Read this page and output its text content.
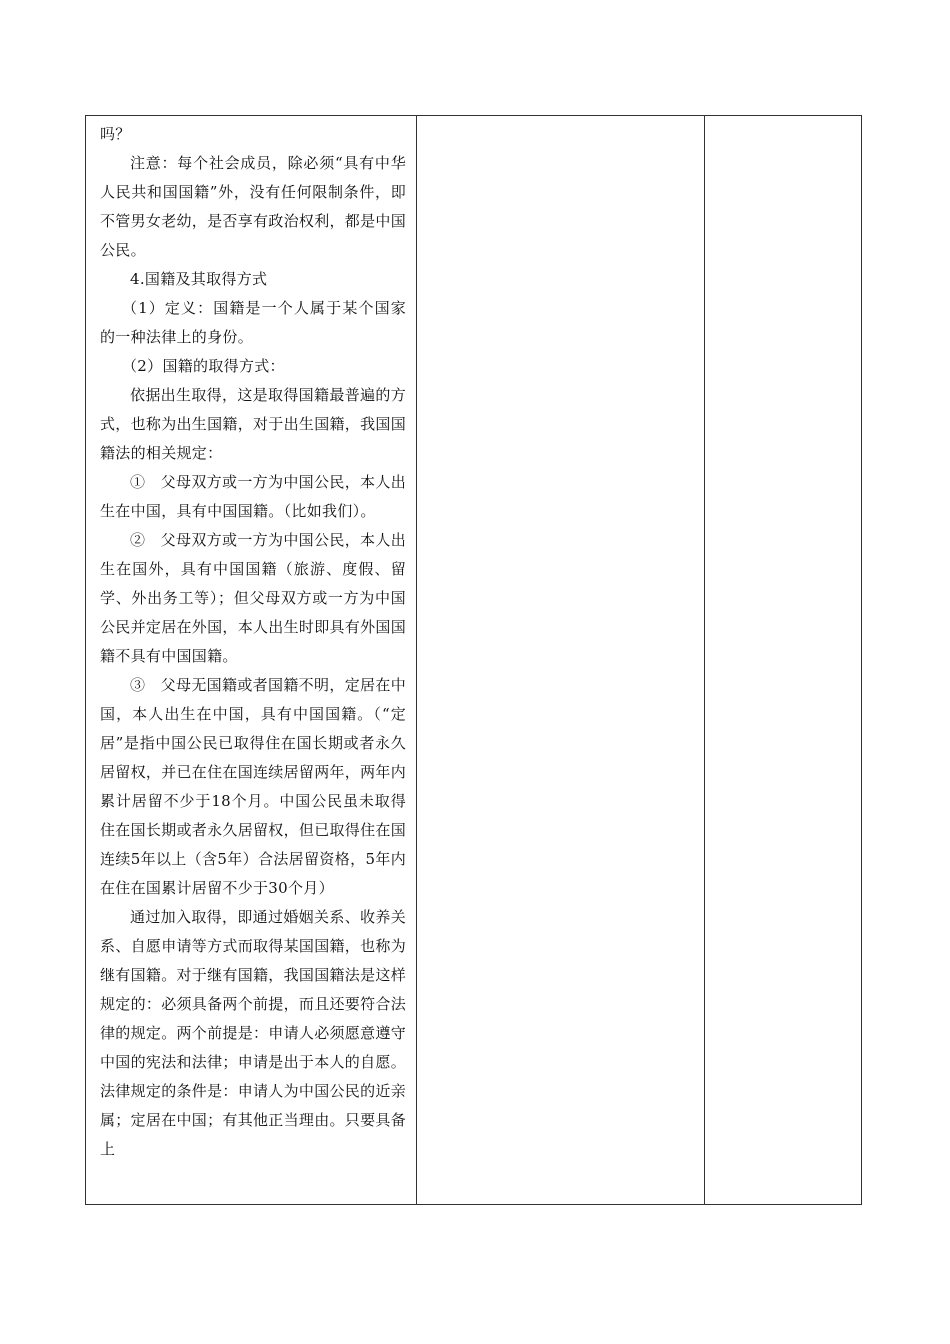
吗？

注意：每个社会成员，除必须“具有中华人民共和国国籍”外，没有任何限制条件，即不管男女老幼，是否享有政治权利，都是中国公民。

4.国籍及其取得方式

（1）定义：国籍是一个人属于某个国家的一种法律上的身份。

（2）国籍的取得方式：

依据出生取得，这是取得国籍最普遍的方式，也称为出生国籍，对于出生国籍，我国国籍法的相关规定：

①　父母双方或一方为中国公民，本人出生在中国，具有中国国籍。（比如我们）。

②　父母双方或一方为中国公民，本人出生在国外，具有中国国籍（旅游、度假、留学、外出务工等）；但父母双方或一方为中国公民并定居在外国，本人出生时即具有外国国籍不具有中国国籍。

③　父母无国籍或者国籍不明，定居在中国，本人出生在中国，具有中国国籍。（“定居”是指中国公民已取得住在国长期或者永久居留权，并已在住在国连续居留两年，两年内累计居留不少于18个月。中国公民虽未取得住在国长期或者永久居留权，但已取得住在国连续5年以上（含5年）合法居留资格，5年内在住在国累计居留不少于30个月）

通过加入取得，即通过婚姻关系、收养关系、自愿申请等方式而取得某国国籍，也称为继有国籍。对于继有国籍，我国国籍法是这样规定的：必须具备两个前提，而且还要符合法律的规定。两个前提是：申请人必须愿意遵守中国的宪法和法律；申请是出于本人的自愿。法律规定的条件是：申请人为中国公民的近亲属；定居在中国；有其他正当理由。只要具备上
